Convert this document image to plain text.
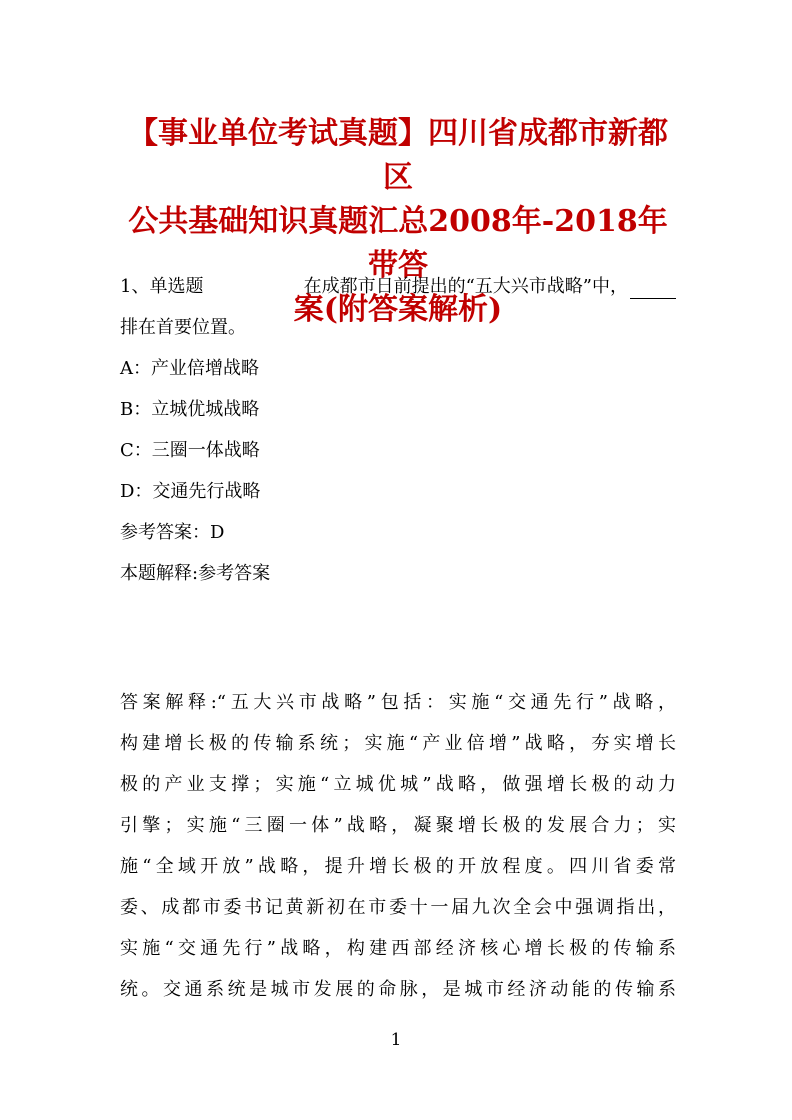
【事业单位考试真题】四川省成都市新都区
公共基础知识真题汇总2008年-2018年带答
案(附答案解析)
1、单选题	在成都市日前提出的“五大兴市战略”中，
排在首要位置。
A：产业倍增战略
B：立城优城战略
C：三圈一体战略
D：交通先行战略
参考答案：D
本题解释:参考答案
答案解释:“五大兴市战略”包括：实施“交通先行”战略，
构建增长极的传输系统；实施“产业倍增”战略，夯实增长
极的产业支撑；实施“立城优城”战略，做强增长极的动力
引擎；实施“三圈一体”战略，凝聚增长极的发展合力；实
施“全域开放”战略，提升增长极的开放程度。四川省委常
委、成都市委书记黄新初在市委十一届九次全会中强调指出，
实施“交通先行”战略，构建西部经济核心增长极的传输系
统。交通系统是城市发展的命脉，是城市经济动能的传输系
1
